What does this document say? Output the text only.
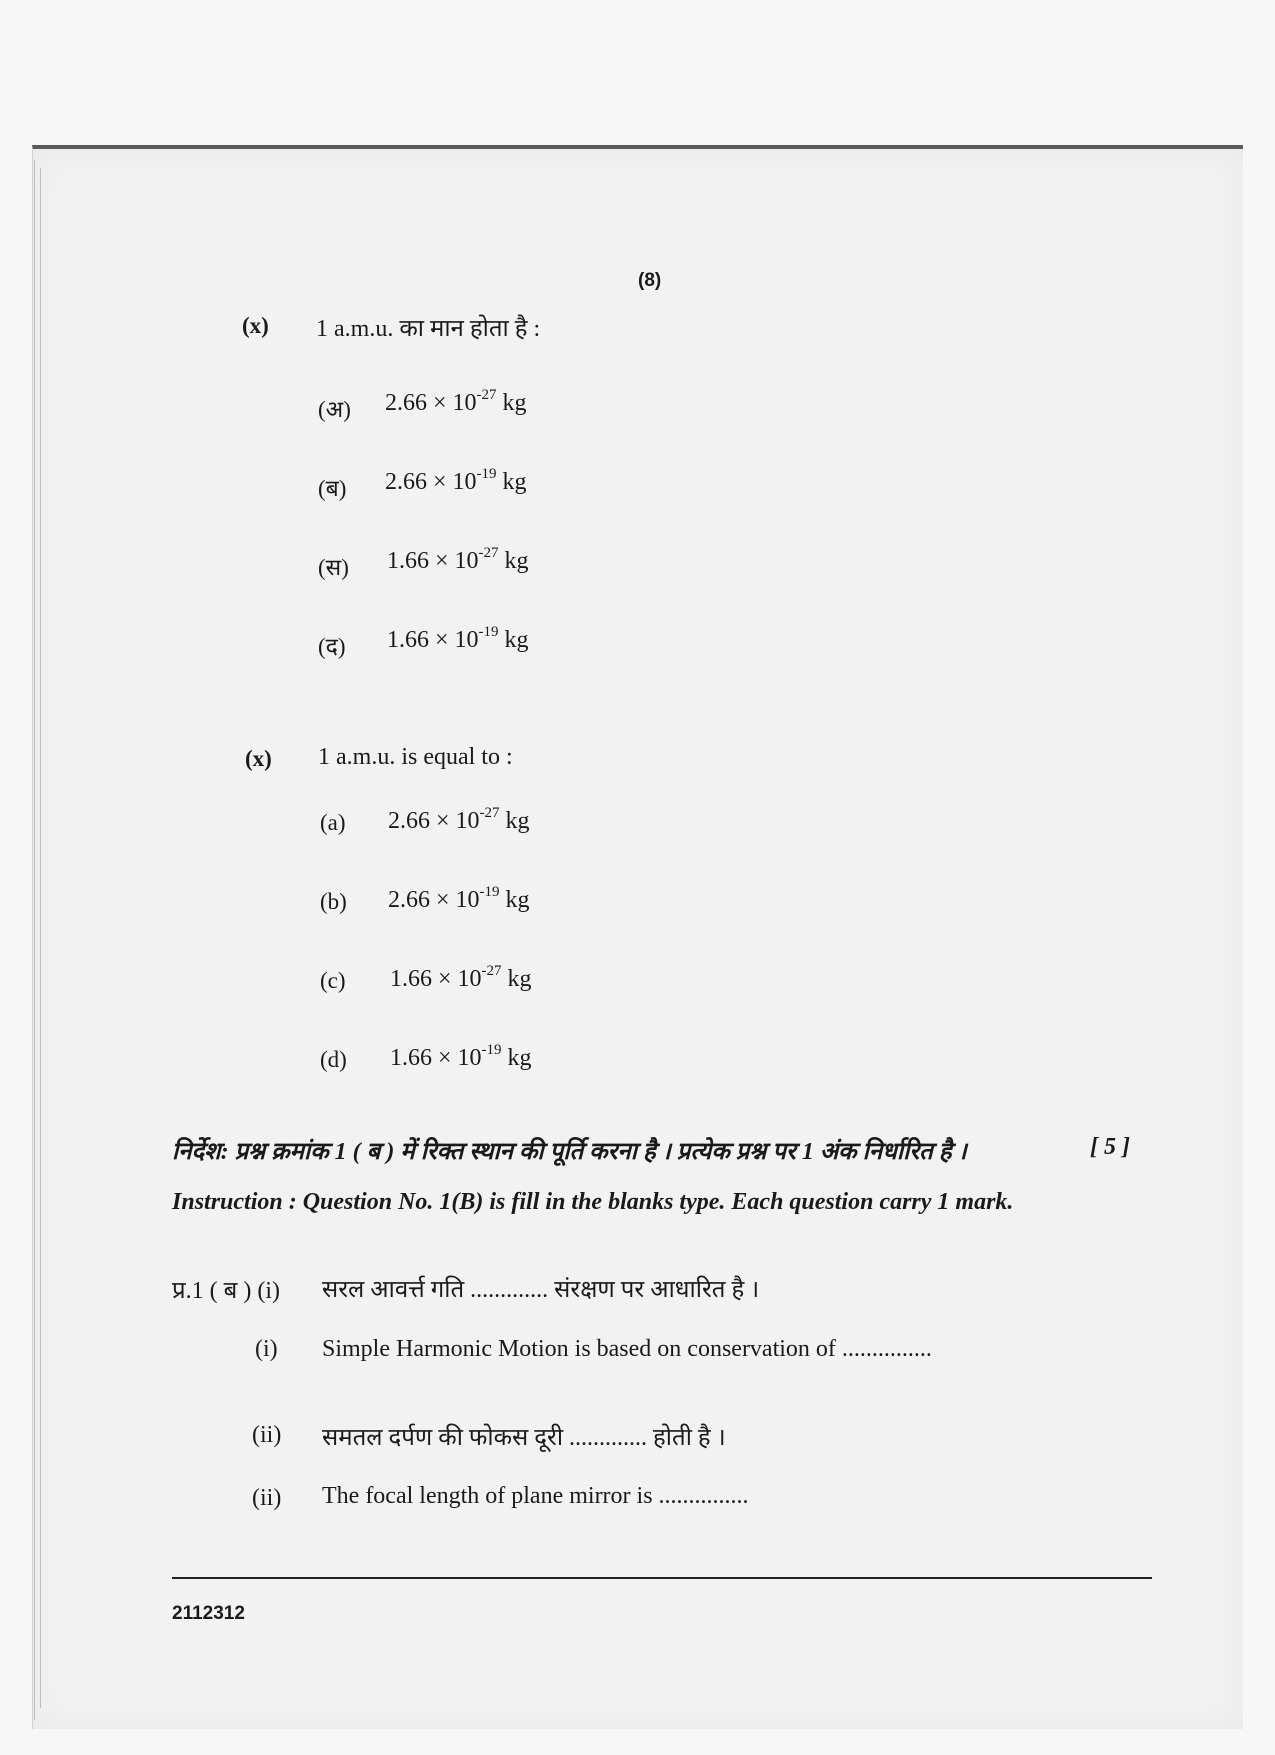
(8)
(x) 1 a.m.u. का मान होता है :
(अ) $2.66 \times 10^{-27}$ kg
(ब) $2.66 \times 10^{-19}$ kg
(स) $1.66 \times 10^{-27}$ kg
(द) $1.66 \times 10^{-19}$ kg
(x) 1 a.m.u. is equal to :
(a) $2.66 \times 10^{-27}$ kg
(b) $2.66 \times 10^{-19}$ kg
(c) $1.66 \times 10^{-27}$ kg
(d) $1.66 \times 10^{-19}$ kg
निर्देश: प्रश्न क्रमांक 1 ( ब ) में रिक्त स्थान की पूर्ति करना है । प्रत्येक प्रश्न पर 1 अंक निर्धारित है ।	[ 5 ]
Instruction : Question No. 1(B) is fill in the blanks type. Each question carry 1 mark.
प्र.1 ( ब ) (i) सरल आवर्त्त गति ............. संरक्षण पर आधारित है ।
(i) Simple Harmonic Motion is based on conservation of ...............
(ii) समतल दर्पण की फोकस दूरी ............. होती है ।
(ii) The focal length of plane mirror is ...............
2112312
